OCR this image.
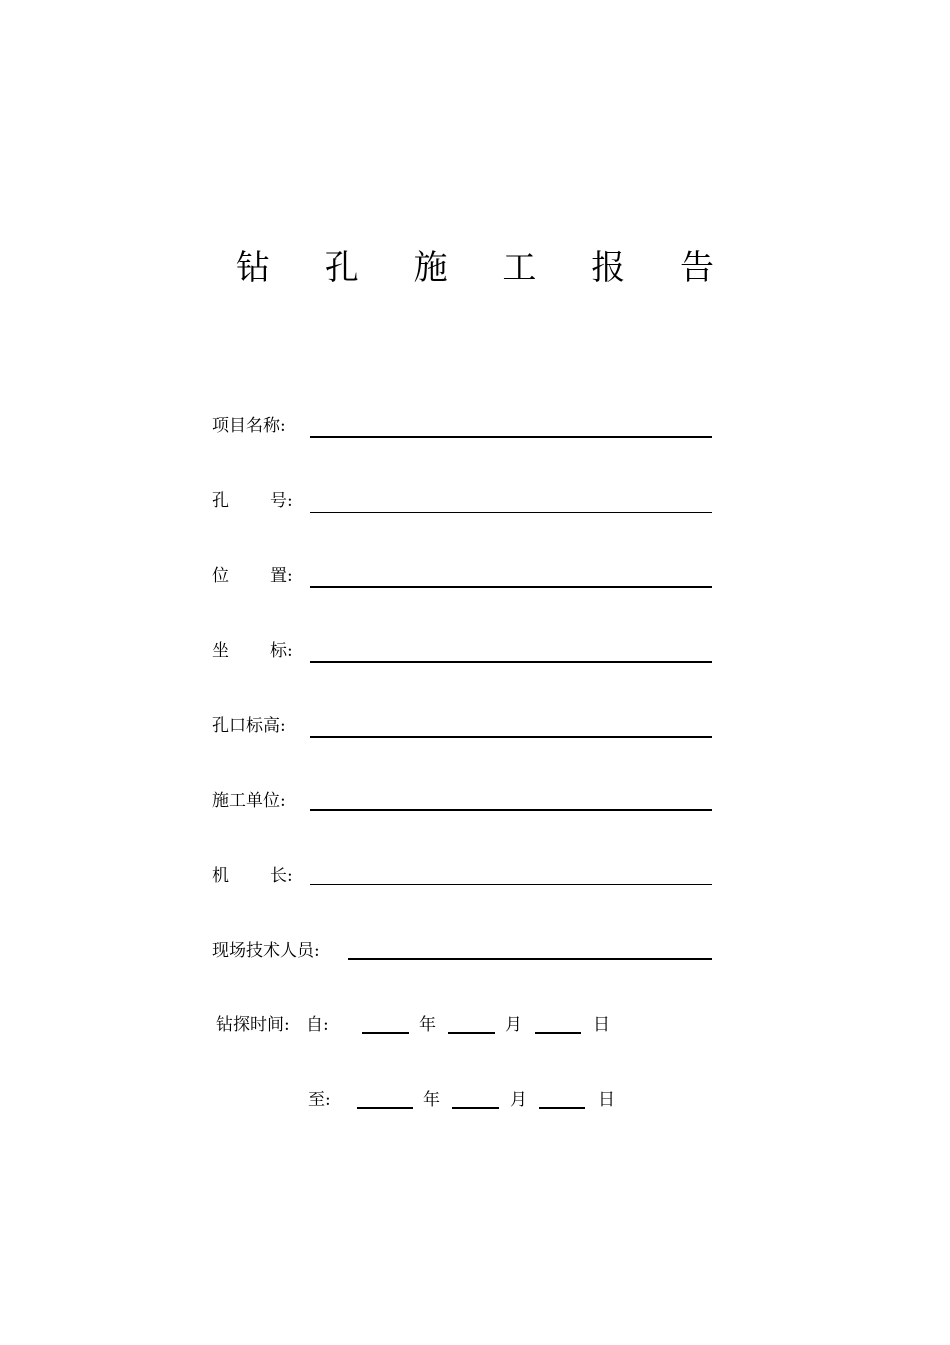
钻 孔 施 工 报 告
项目名称:
孔 号:
位 置:
坐 标:
孔口标高:
施工单位:
机 长:
现场技术人员:
钻探时间: 自:	年	月	日
至:	年	月	日
